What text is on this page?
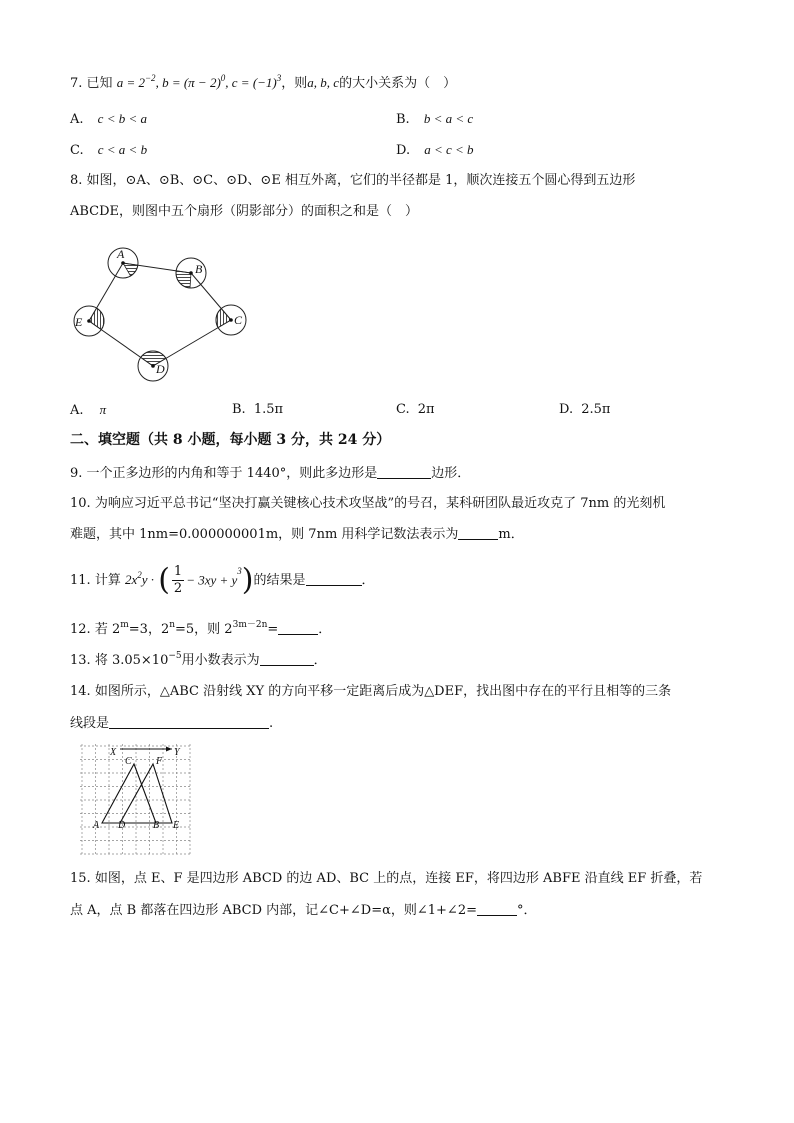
7. 已知 $a = 2^{-2}$, $b = (\pi - 2)^0$, $c = (-1)^3$，则a, b, c的大小关系为（　）
A. c < b < a	B. b < a < c
C. c < a < b	D. a < c < b
8. 如图，⊙A、⊙B、⊙C、⊙D、⊙E 相互外离，它们的半径都是 1，顺次连接五个圆心得到五边形
ABCDE，则图中五个扇形（阴影部分）的面积之和是（　）
A
B
C
D
E
A. π	B. 1.5π	C. 2π	D. 2.5π
二、填空题（共 8 小题，每小题 3 分，共 24 分）
9. 一个正多边形的内角和等于 1440°，则此多边形是	边形．
10. 为响应习近平总书记“坚决打赢关键核心技术攻坚战”的号召，某科研团队最近攻克了 7nm 的光刻机
难题，其中 1nm=0.000000001m，则 7nm 用科学记数法表示为	m．
11. 计算 $2x^2y$ · ( $\frac{1}{2} - 3xy + y^3$)的结果是	．
12. 若 $2^m=3$，$2^n=5$，则 $2^{3m-2n}=$	．
13. 将 $3.05\times 10^{-5}$用小数表示为	．
14. 如图所示，△ABC 沿射线 XY 的方向平移一定距离后成为△DEF，找出图中存在的平行且相等的三条
线段是	.
X	Y
C F
A D	B E
15. 如图，点 E、F 是四边形 ABCD 的边 AD、BC 上的点，连接 EF，将四边形 ABFE 沿直线 EF 折叠，若
点 A，点 B 都落在四边形 ABCD 内部，记∠C+∠D=α，则∠1+∠2=	°．
